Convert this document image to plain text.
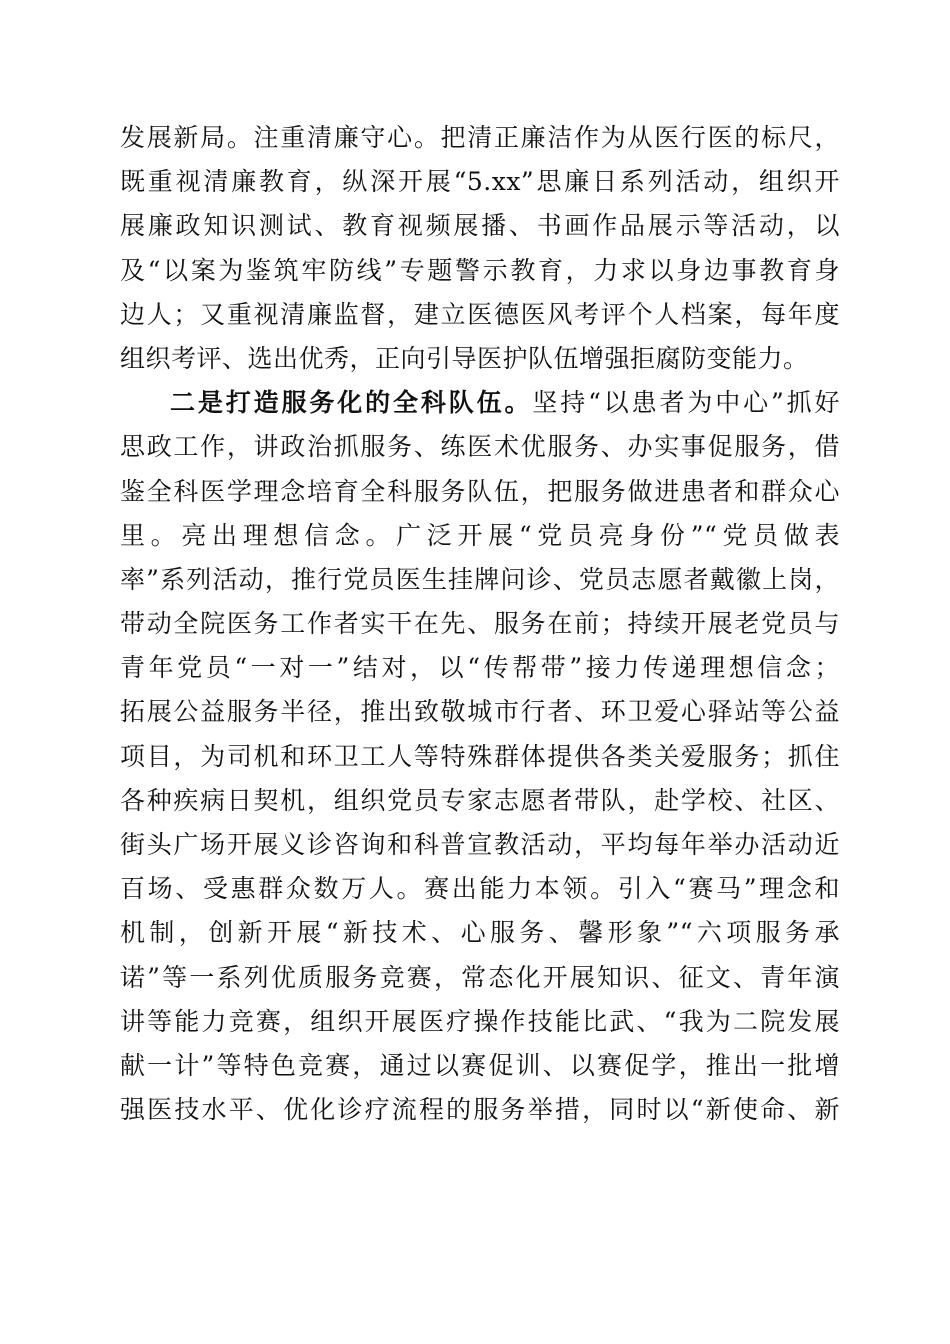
发展新局。注重清廉守心。把清正廉洁作为从医行医的标尺，
既重视清廉教育，纵深开展“5.xx”思廉日系列活动，组织开
展廉政知识测试、教育视频展播、书画作品展示等活动，以
及“以案为鉴筑牢防线”专题警示教育，力求以身边事教育身
边人；又重视清廉监督，建立医德医风考评个人档案，每年度
组织考评、选出优秀，正向引导医护队伍增强拒腐防变能力。
二是打造服务化的全科队伍。坚持“以患者为中心”抓好
思政工作，讲政治抓服务、练医术优服务、办实事促服务，借
鉴全科医学理念培育全科服务队伍，把服务做进患者和群众心
里。亮出理想信念。广泛开展“党员亮身份”“党员做表
率”系列活动，推行党员医生挂牌问诊、党员志愿者戴徽上岗，
带动全院医务工作者实干在先、服务在前；持续开展老党员与
青年党员“一对一”结对，以“传帮带”接力传递理想信念；
拓展公益服务半径，推出致敬城市行者、环卫爱心驿站等公益
项目，为司机和环卫工人等特殊群体提供各类关爱服务；抓住
各种疾病日契机，组织党员专家志愿者带队，赴学校、社区、
街头广场开展义诊咨询和科普宣教活动，平均每年举办活动近
百场、受惠群众数万人。赛出能力本领。引入“赛马”理念和
机制，创新开展“新技术、心服务、馨形象”“六项服务承
诺”等一系列优质服务竞赛，常态化开展知识、征文、青年演
讲等能力竞赛，组织开展医疗操作技能比武、“我为二院发展
献一计”等特色竞赛，通过以赛促训、以赛促学，推出一批增
强医技水平、优化诊疗流程的服务举措，同时以“新使命、新
